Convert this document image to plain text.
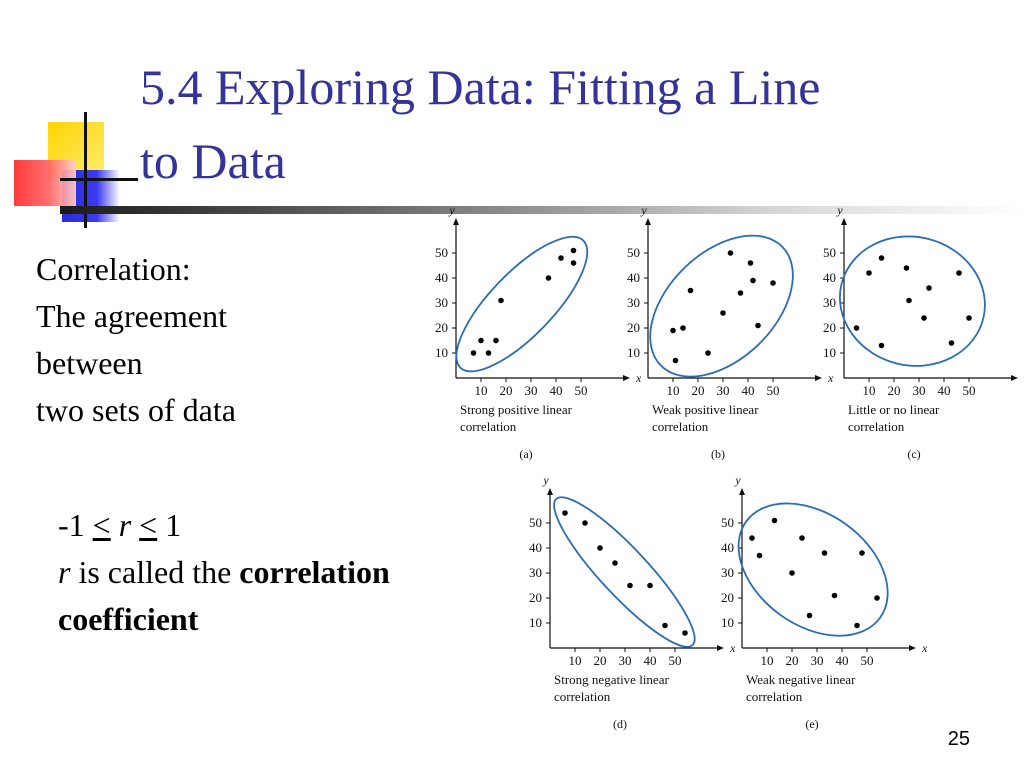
5.4 Exploring Data: Fitting a Line
to Data
Correlation:
The agreement
between
two sets of data
-1 ≤ r ≤ 1
r is called the correlation
coefficient
x
y
10 20 30 40 50
10
20
30
40
50
Strong positive linear
correlation
(a)
x
y
10 20 30 40 50
10
20
30
40
50
Weak positive linear
correlation
(b)
y
10 20 30 40 50
10
20
30
40
50
Little or no linear
correlation
(c)
x
y
10 20 30 40 50
10
20
30
40
50
Strong negative linear
correlation
(d)
x
y
10 20 30 40 50
10
20
30
40
50
Weak negative linear
correlation
(e)
25
